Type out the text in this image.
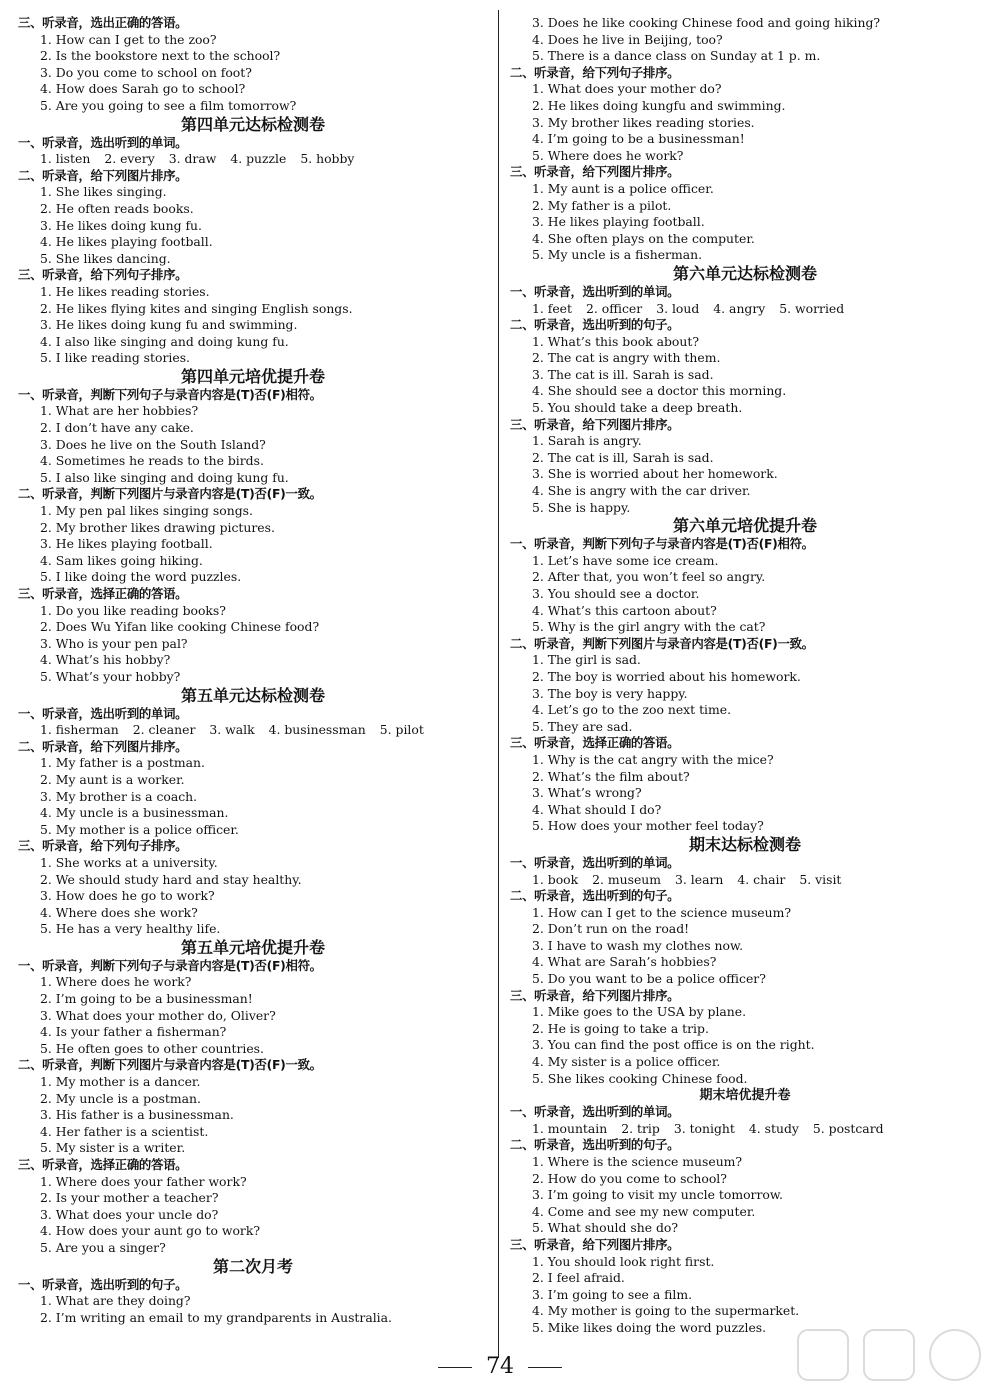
三、听录音，选出正确的答语。
1. How can I get to the zoo?
2. Is the bookstore next to the school?
3. Do you come to school on foot?
4. How does Sarah go to school?
5. Are you going to see a film tomorrow?
第四单元达标检测卷
一、听录音，选出听到的单词。
1. listen 2. every 3. draw 4. puzzle 5. hobby
二、听录音，给下列图片排序。
1. She likes singing.
2. He often reads books.
3. He likes doing kung fu.
4. He likes playing football.
5. She likes dancing.
三、听录音，给下列句子排序。
1. He likes reading stories.
2. He likes flying kites and singing English songs.
3. He likes doing kung fu and swimming.
4. I also like singing and doing kung fu.
5. I like reading stories.
第四单元培优提升卷
一、听录音，判断下列句子与录音内容是(T)否(F)相符。
1. What are her hobbies?
2. I don’t have any cake.
3. Does he live on the South Island?
4. Sometimes he reads to the birds.
5. I also like singing and doing kung fu.
二、听录音，判断下列图片与录音内容是(T)否(F)一致。
1. My pen pal likes singing songs.
2. My brother likes drawing pictures.
3. He likes playing football.
4. Sam likes going hiking.
5. I like doing the word puzzles.
三、听录音，选择正确的答语。
1. Do you like reading books?
2. Does Wu Yifan like cooking Chinese food?
3. Who is your pen pal?
4. What’s his hobby?
5. What’s your hobby?
第五单元达标检测卷
一、听录音，选出听到的单词。
1. fisherman 2. cleaner 3. walk 4. businessman 5. pilot
二、听录音，给下列图片排序。
1. My father is a postman.
2. My aunt is a worker.
3. My brother is a coach.
4. My uncle is a businessman.
5. My mother is a police officer.
三、听录音，给下列句子排序。
1. She works at a university.
2. We should study hard and stay healthy.
3. How does he go to work?
4. Where does she work?
5. He has a very healthy life.
第五单元培优提升卷
一、听录音，判断下列句子与录音内容是(T)否(F)相符。
1. Where does he work?
2. I’m going to be a businessman!
3. What does your mother do, Oliver?
4. Is your father a fisherman?
5. He often goes to other countries.
二、听录音，判断下列图片与录音内容是(T)否(F)一致。
1. My mother is a dancer.
2. My uncle is a postman.
3. His father is a businessman.
4. Her father is a scientist.
5. My sister is a writer.
三、听录音，选择正确的答语。
1. Where does your father work?
2. Is your mother a teacher?
3. What does your uncle do?
4. How does your aunt go to work?
5. Are you a singer?
第二次月考
一、听录音，选出听到的句子。
1. What are they doing?
2. I’m writing an email to my grandparents in Australia.
3. Does he like cooking Chinese food and going hiking?
4. Does he live in Beijing, too?
5. There is a dance class on Sunday at 1 p. m.
二、听录音，给下列句子排序。
1. What does your mother do?
2. He likes doing kungfu and swimming.
3. My brother likes reading stories.
4. I’m going to be a businessman!
5. Where does he work?
三、听录音，给下列图片排序。
1. My aunt is a police officer.
2. My father is a pilot.
3. He likes playing football.
4. She often plays on the computer.
5. My uncle is a fisherman.
第六单元达标检测卷
一、听录音，选出听到的单词。
1. feet 2. officer 3. loud 4. angry 5. worried
二、听录音，选出听到的句子。
1. What’s this book about?
2. The cat is angry with them.
3. The cat is ill. Sarah is sad.
4. She should see a doctor this morning.
5. You should take a deep breath.
三、听录音，给下列图片排序。
1. Sarah is angry.
2. The cat is ill, Sarah is sad.
3. She is worried about her homework.
4. She is angry with the car driver.
5. She is happy.
第六单元培优提升卷
一、听录音，判断下列句子与录音内容是(T)否(F)相符。
1. Let’s have some ice cream.
2. After that, you won’t feel so angry.
3. You should see a doctor.
4. What’s this cartoon about?
5. Why is the girl angry with the cat?
二、听录音，判断下列图片与录音内容是(T)否(F)一致。
1. The girl is sad.
2. The boy is worried about his homework.
3. The boy is very happy.
4. Let’s go to the zoo next time.
5. They are sad.
三、听录音，选择正确的答语。
1. Why is the cat angry with the mice?
2. What’s the film about?
3. What’s wrong?
4. What should I do?
5. How does your mother feel today?
期末达标检测卷
一、听录音，选出听到的单词。
1. book 2. museum 3. learn 4. chair 5. visit
二、听录音，选出听到的句子。
1. How can I get to the science museum?
2. Don’t run on the road!
3. I have to wash my clothes now.
4. What are Sarah’s hobbies?
5. Do you want to be a police officer?
三、听录音，给下列图片排序。
1. Mike goes to the USA by plane.
2. He is going to take a trip.
3. You can find the post office is on the right.
4. My sister is a police officer.
5. She likes cooking Chinese food.
期末培优提升卷
一、听录音，选出听到的单词。
1. mountain 2. trip 3. tonight 4. study 5. postcard
二、听录音，选出听到的句子。
1. Where is the science museum?
2. How do you come to school?
3. I’m going to visit my uncle tomorrow.
4. Come and see my new computer.
5. What should she do?
三、听录音，给下列图片排序。
1. You should look right first.
2. I feel afraid.
3. I’m going to see a film.
4. My mother is going to the supermarket.
5. Mike likes doing the word puzzles.
74
